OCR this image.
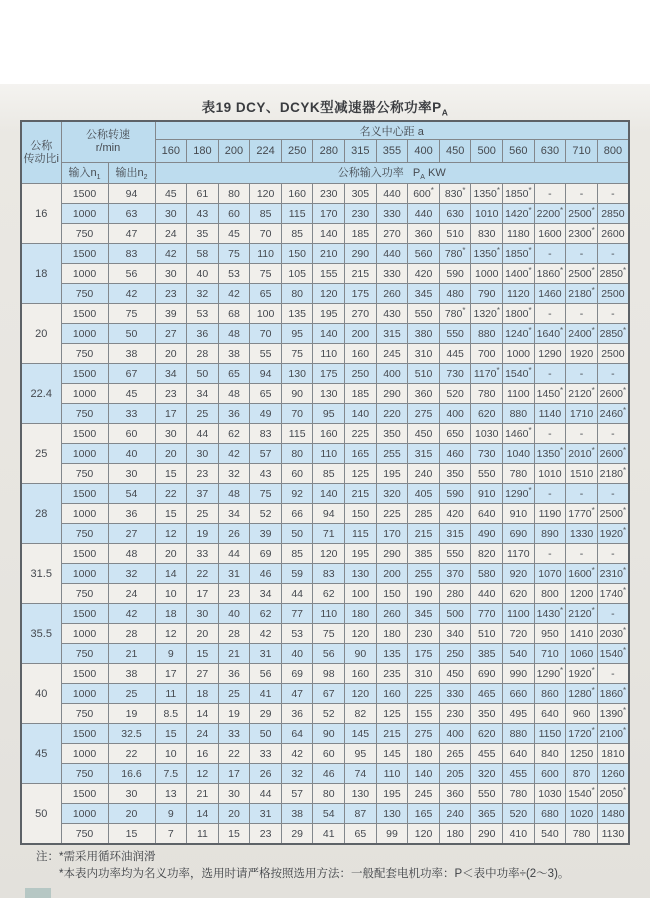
表19 DCY、DCYK型减速器公称功率$P_A$
公称
传动比i	公称转速
r/min		名义中心距 a														
			160	180	200	224	250	280	315	355	400	450	500	560	630	710	800
	输入$n_1$	输出$n_2$	公称输入功率 $P_A$ KW														
16	1500	94	45	61	80	120	160	230	305	440	600*	830*	1350*	1850*	-	-	-
	1000	63	30	43	60	85	115	170	230	330	440	630	1010	1420*	2200*	2500*	2850
	750	47	24	35	45	70	85	140	185	270	360	510	830	1180	1600	2300*	2600
18	1500	83	42	58	75	110	150	210	290	440	560	780*	1350*	1850*	-	-	-
	1000	56	30	40	53	75	105	155	215	330	420	590	1000	1400*	1860*	2500*	2850*
	750	42	23	32	42	65	80	120	175	260	345	480	790	1120	1460	2180*	2500
20	1500	75	39	53	68	100	135	195	270	430	550	780*	1320*	1800*	-	-	-
	1000	50	27	36	48	70	95	140	200	315	380	550	880	1240*	1640*	2400*	2850*
	750	38	20	28	38	55	75	110	160	245	310	445	700	1000	1290	1920	2500
22.4	1500	67	34	50	65	94	130	175	250	400	510	730	1170*	1540*	-	-	-
	1000	45	23	34	48	65	90	130	185	290	360	520	780	1100	1450*	2120*	2600*
	750	33	17	25	36	49	70	95	140	220	275	400	620	880	1140	1710	2460*
25	1500	60	30	44	62	83	115	160	225	350	450	650	1030	1460*	-	-	-
	1000	40	20	30	42	57	80	110	165	255	315	460	730	1040	1350*	2010*	2600*
	750	30	15	23	32	43	60	85	125	195	240	350	550	780	1010	1510	2180*
28	1500	54	22	37	48	75	92	140	215	320	405	590	910	1290*	-	-	-
	1000	36	15	25	34	52	66	94	150	225	285	420	640	910	1190	1770*	2500*
	750	27	12	19	26	39	50	71	115	170	215	315	490	690	890	1330	1920*
31.5	1500	48	20	33	44	69	85	120	195	290	385	550	820	1170	-	-	-
	1000	32	14	22	31	46	59	83	130	200	255	370	580	920	1070	1600*	2310*
	750	24	10	17	23	34	44	62	100	150	190	280	440	620	800	1200	1740*
35.5	1500	42	18	30	40	62	77	110	180	260	345	500	770	1100	1430*	2120*	-
	1000	28	12	20	28	42	53	75	120	180	230	340	510	720	950	1410	2030*
	750	21	9	15	21	31	40	56	90	135	175	250	385	540	710	1060	1540*
40	1500	38	17	27	36	56	69	98	160	235	310	450	690	990	1290*	1920*	-
	1000	25	11	18	25	41	47	67	120	160	225	330	465	660	860	1280*	1860*
	750	19	8.5	14	19	29	36	52	82	125	155	230	350	495	640	960	1390*
45	1500	32.5	15	24	33	50	64	90	145	215	275	400	620	880	1150	1720*	2100*
	1000	22	10	16	22	33	42	60	95	145	180	265	455	640	840	1250	1810
	750	16.6	7.5	12	17	26	32	46	74	110	140	205	320	455	600	870	1260
50	1500	30	13	21	30	44	57	80	130	195	245	360	550	780	1030	1540*	2050*
	1000	20	9	14	20	31	38	54	87	130	165	240	365	520	680	1020	1480
	750	15	7	11	15	23	29	41	65	99	120	180	290	410	540	780	1130
注： *需采用循环油润滑
*本表内功率均为名义功率，选用时请严格按照选用方法：一般配套电机功率：P＜表中功率÷(2～3)。
